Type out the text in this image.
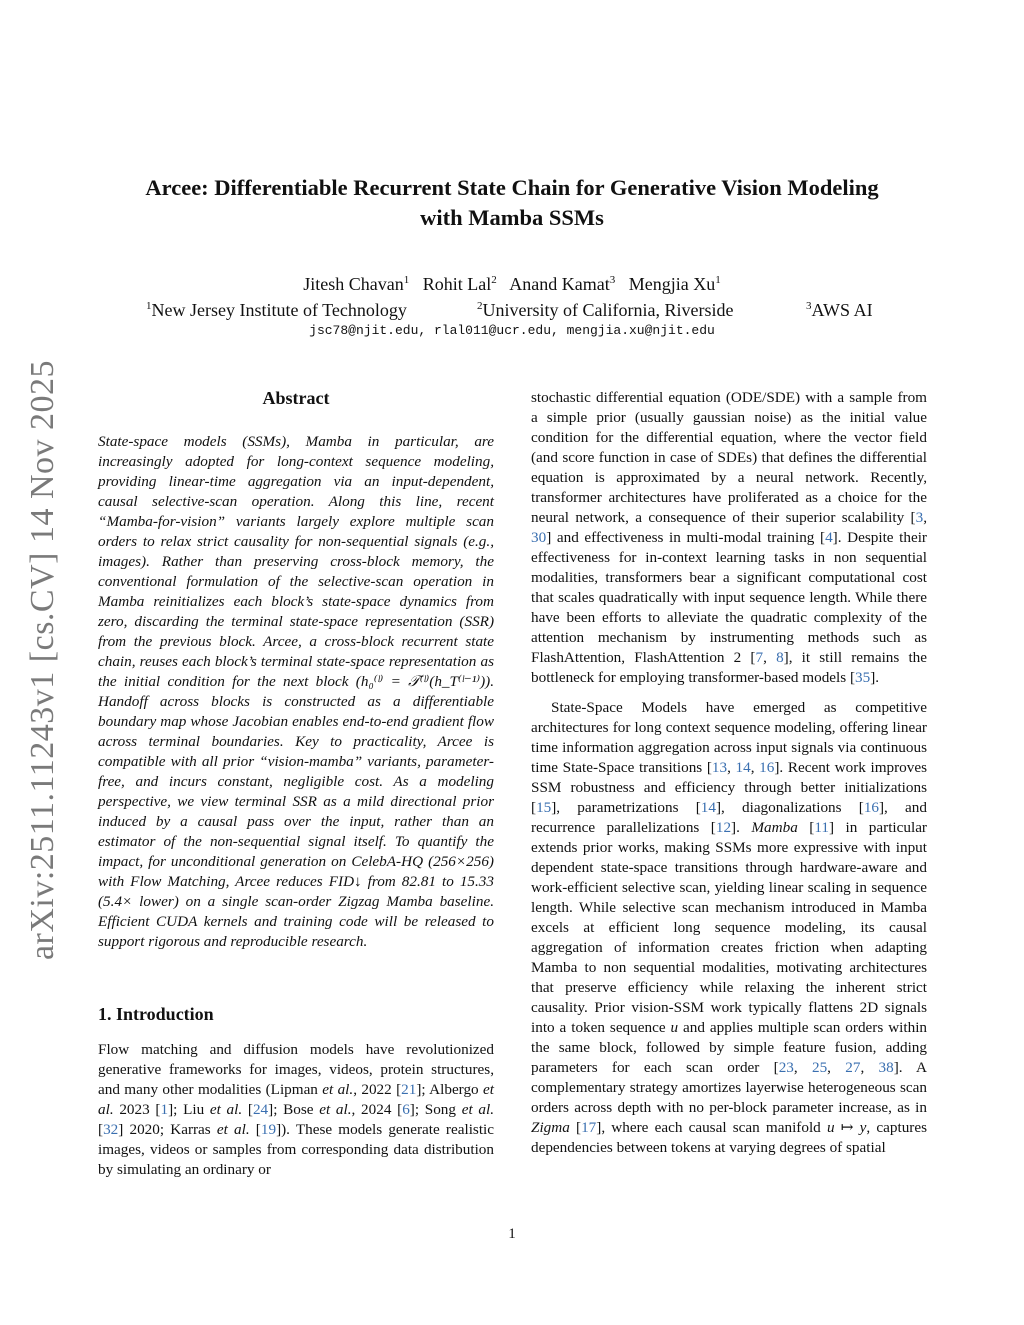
arXiv:2511.11243v1 [cs.CV] 14 Nov 2025
Arcee: Differentiable Recurrent State Chain for Generative Vision Modeling
with Mamba SSMs
Jitesh Chavan$^1$ Rohit Lal$^2$ Anand Kamat$^3$ Mengjia Xu$^1$
$^1$New Jersey Institute of Technology	$^2$University of California, Riverside	$^3$AWS AI
jsc78@njit.edu, rlal011@ucr.edu, mengjia.xu@njit.edu
Abstract

State-space models (SSMs), Mamba in particular, are increasingly adopted for long-context sequence modeling, providing linear-time aggregation via an input-dependent, causal selective-scan operation. Along this line, recent “Mamba-for-vision” variants largely explore multiple scan orders to relax strict causality for non-sequential signals (e.g., images). Rather than preserving cross-block memory, the conventional formulation of the selective-scan operation in Mamba reinitializes each block’s state-space dynamics from zero, discarding the terminal state-space representation (SSR) from the previous block. Arcee, a cross-block recurrent state chain, reuses each block’s terminal state-space representation as the initial condition for the next block (h₀⁽ˡ⁾ = 𝒯⁽ˡ⁾(h_T⁽ˡ⁻¹⁾)). Handoff across blocks is constructed as a differentiable boundary map whose Jacobian enables end-to-end gradient flow across terminal boundaries. Key to practicality, Arcee is compatible with all prior “vision-mamba” variants, parameter-free, and incurs constant, negligible cost. As a modeling perspective, we view terminal SSR as a mild directional prior induced by a causal pass over the input, rather than an estimator of the non-sequential signal itself. To quantify the impact, for unconditional generation on CelebA-HQ (256×256) with Flow Matching, Arcee reduces FID↓ from 82.81 to 15.33 (5.4× lower) on a single scan-order Zigzag Mamba baseline. Efficient CUDA kernels and training code will be released to support rigorous and reproducible research.

1. Introduction

Flow matching and diffusion models have revolutionized generative frameworks for images, videos, protein structures, and many other modalities (Lipman et al., 2022 [21]; Albergo et al. 2023 [1]; Liu et al. [24]; Bose et al., 2024 [6]; Song et al. [32] 2020; Karras et al. [19]). These models generate realistic images, videos or samples from corresponding data distribution by simulating an ordinary or

stochastic differential equation (ODE/SDE) with a sample from a simple prior (usually gaussian noise) as the initial value condition for the differential equation, where the vector field (and score function in case of SDEs) that defines the differential equation is approximated by a neural network. Recently, transformer architectures have proliferated as a choice for the neural network, a consequence of their superior scalability [3, 30] and effectiveness in multi-modal training [4]. Despite their effectiveness for in-context learning tasks in non sequential modalities, transformers bear a significant computational cost that scales quadratically with input sequence length. While there have been efforts to alleviate the quadratic complexity of the attention mechanism by instrumenting methods such as FlashAttention, FlashAttention 2 [7, 8], it still remains the bottleneck for employing transformer-based models [35].

State-Space Models have emerged as competitive architectures for long context sequence modeling, offering linear time information aggregation across input signals via continuous time State-Space transitions [13, 14, 16]. Recent work improves SSM robustness and efficiency through better initializations [15], parametrizations [14], diagonalizations [16], and recurrence parallelizations [12]. Mamba [11] in particular extends prior works, making SSMs more expressive with input dependent state-space transitions through hardware-aware and work-efficient selective scan, yielding linear scaling in sequence length. While selective scan mechanism introduced in Mamba excels at efficient long sequence modeling, its causal aggregation of information creates friction when adapting Mamba to non sequential modalities, motivating architectures that preserve efficiency while relaxing the inherent strict causality. Prior vision-SSM work typically flattens 2D signals into a token sequence u and applies multiple scan orders within the same block, followed by simple feature fusion, adding parameters for each scan order [23, 25, 27, 38]. A complementary strategy amortizes layerwise heterogeneous scan orders across depth with no per-block parameter increase, as in Zigma [17], where each causal scan manifold u ↦ y, captures dependencies between tokens at varying degrees of spatial

1
